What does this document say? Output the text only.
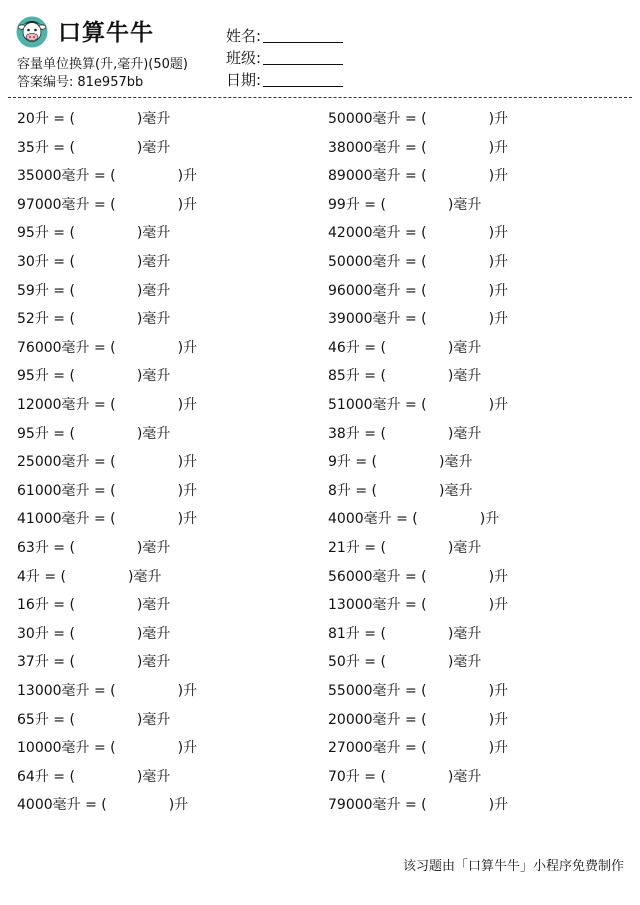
口算牛牛
容量单位换算(升,毫升)(50题)
答案编号: 81e957bb
姓名:
班级:
日期:
20升 = (	)毫升
35升 = (	)毫升
35000毫升 = (	)升
97000毫升 = (	)升
95升 = (	)毫升
30升 = (	)毫升
59升 = (	)毫升
52升 = (	)毫升
76000毫升 = (	)升
95升 = (	)毫升
12000毫升 = (	)升
95升 = (	)毫升
25000毫升 = (	)升
61000毫升 = (	)升
41000毫升 = (	)升
63升 = (	)毫升
4升 = (	)毫升
16升 = (	)毫升
30升 = (	)毫升
37升 = (	)毫升
13000毫升 = (	)升
65升 = (	)毫升
10000毫升 = (	)升
64升 = (	)毫升
4000毫升 = (	)升
50000毫升 = (	)升
38000毫升 = (	)升
89000毫升 = (	)升
99升 = (	)毫升
42000毫升 = (	)升
50000毫升 = (	)升
96000毫升 = (	)升
39000毫升 = (	)升
46升 = (	)毫升
85升 = (	)毫升
51000毫升 = (	)升
38升 = (	)毫升
9升 = (	)毫升
8升 = (	)毫升
4000毫升 = (	)升
21升 = (	)毫升
56000毫升 = (	)升
13000毫升 = (	)升
81升 = (	)毫升
50升 = (	)毫升
55000毫升 = (	)升
20000毫升 = (	)升
27000毫升 = (	)升
70升 = (	)毫升
79000毫升 = (	)升
该习题由「口算牛牛」小程序免费制作
